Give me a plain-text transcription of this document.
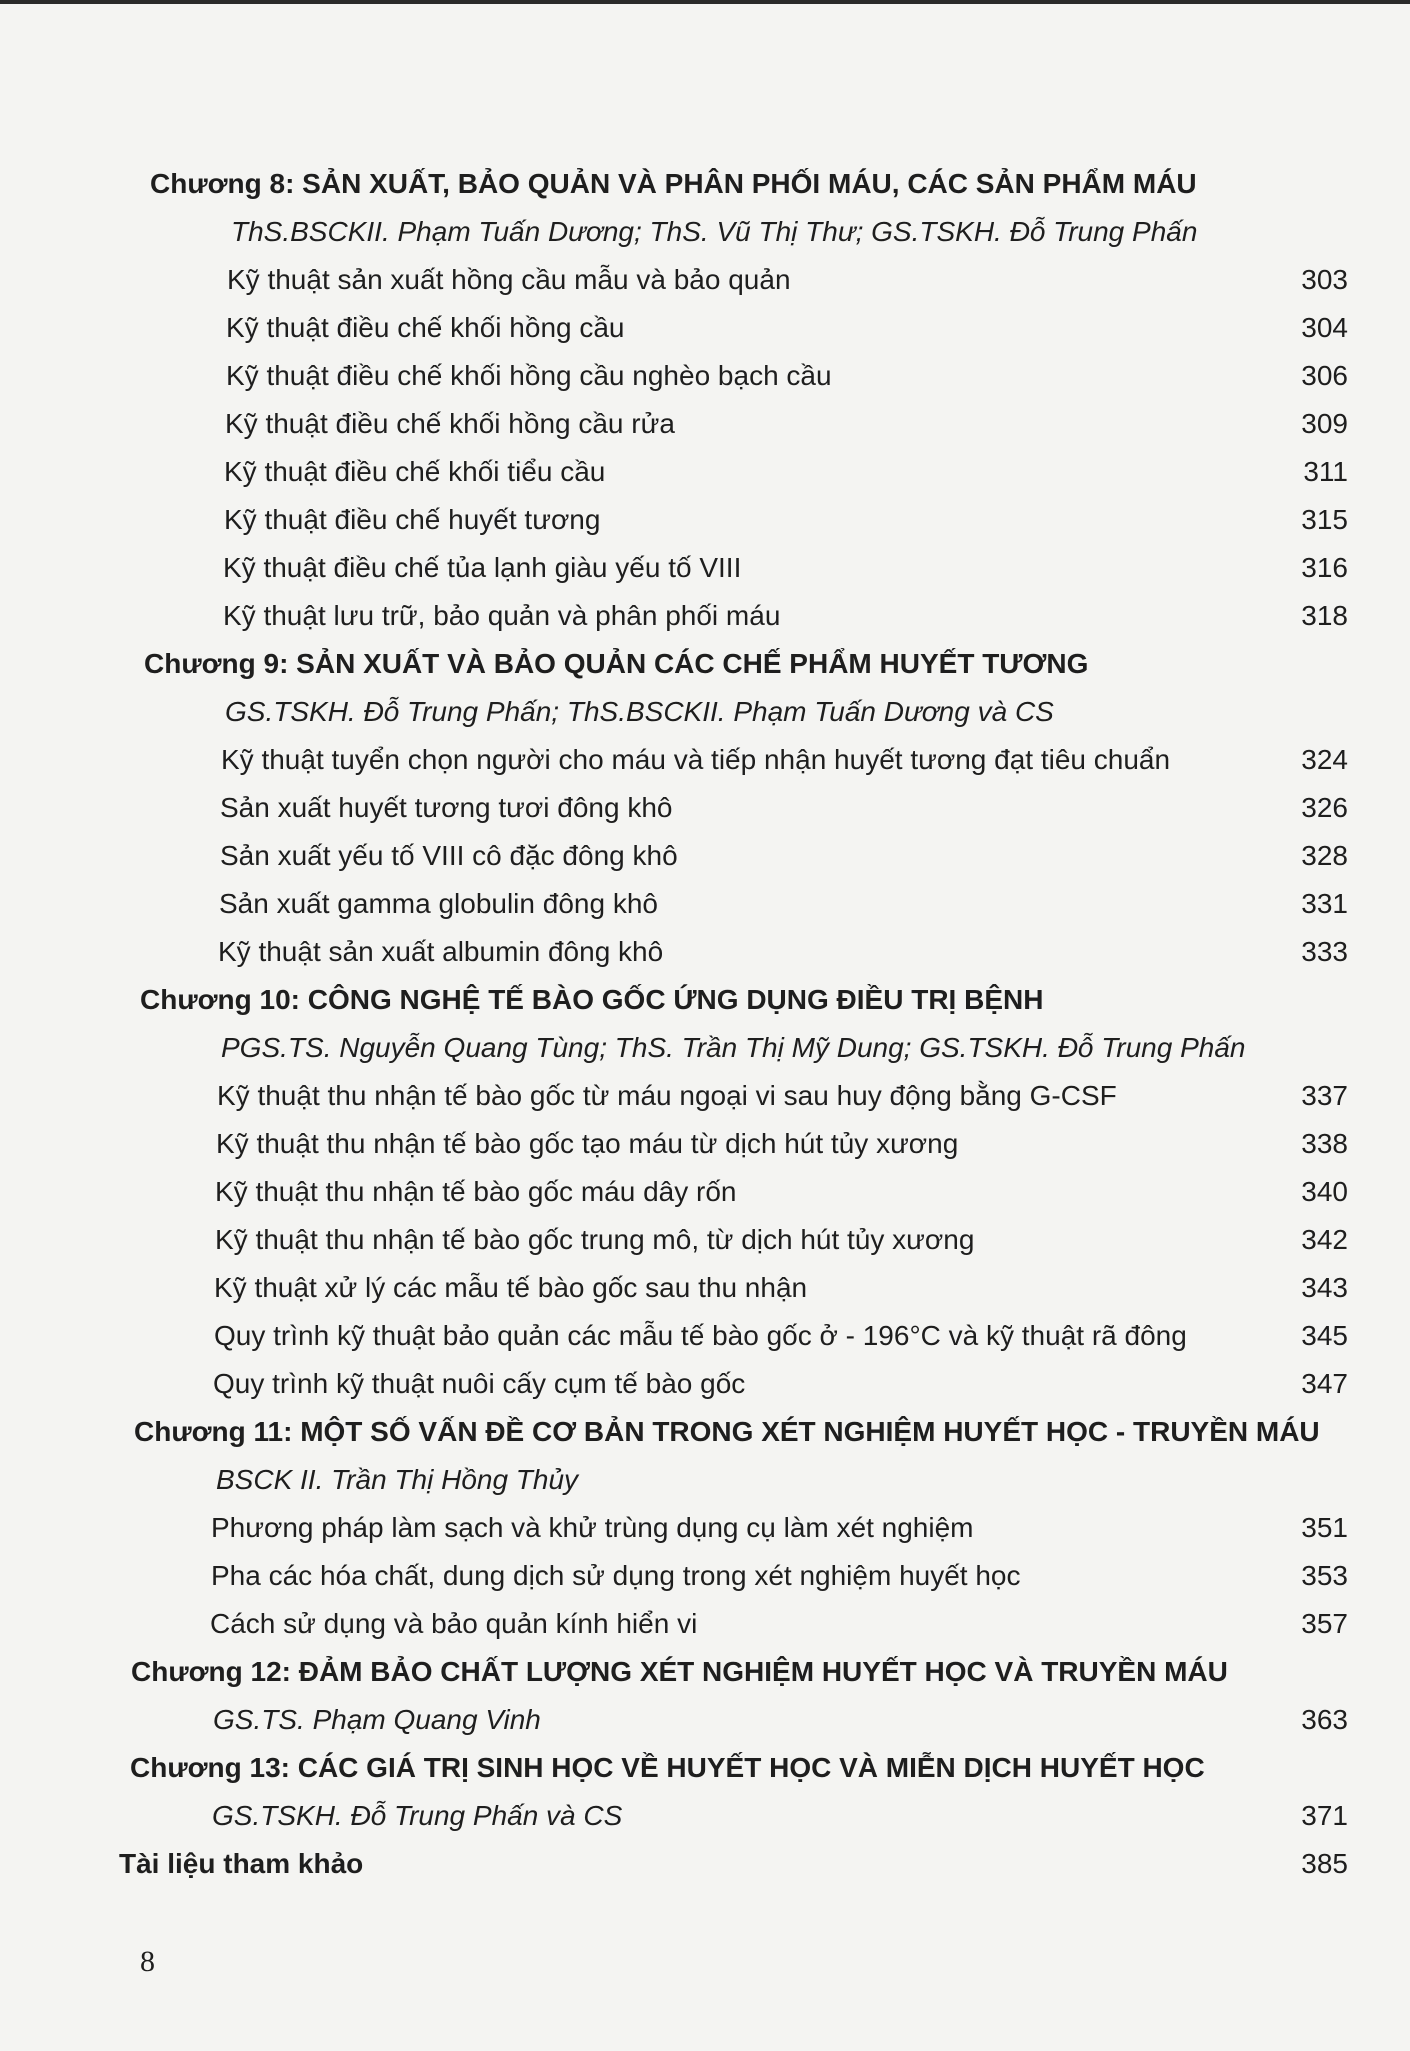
Chương 8: SẢN XUẤT, BẢO QUẢN VÀ PHÂN PHỐI MÁU, CÁC SẢN PHẨM MÁU
ThS.BSCKII. Phạm Tuấn Dương; ThS. Vũ Thị Thư; GS.TSKH. Đỗ Trung Phấn
Kỹ thuật sản xuất hồng cầu mẫu và bảo quản	303
Kỹ thuật điều chế khối hồng cầu	304
Kỹ thuật điều chế khối hồng cầu nghèo bạch cầu	306
Kỹ thuật điều chế khối hồng cầu rửa	309
Kỹ thuật điều chế khối tiểu cầu	311
Kỹ thuật điều chế huyết tương	315
Kỹ thuật điều chế tủa lạnh giàu yếu tố VIII	316
Kỹ thuật lưu trữ, bảo quản và phân phối máu	318
Chương 9: SẢN XUẤT VÀ BẢO QUẢN CÁC CHẾ PHẨM HUYẾT TƯƠNG
GS.TSKH. Đỗ Trung Phấn; ThS.BSCKII. Phạm Tuấn Dương và CS
Kỹ thuật tuyển chọn người cho máu và tiếp nhận huyết tương đạt tiêu chuẩn	324
Sản xuất huyết tương tươi đông khô	326
Sản xuất yếu tố VIII cô đặc đông khô	328
Sản xuất gamma globulin đông khô	331
Kỹ thuật sản xuất albumin đông khô	333
Chương 10: CÔNG NGHỆ TẾ BÀO GỐC ỨNG DỤNG ĐIỀU TRỊ BỆNH
PGS.TS. Nguyễn Quang Tùng; ThS. Trần Thị Mỹ Dung; GS.TSKH. Đỗ Trung Phấn
Kỹ thuật thu nhận tế bào gốc từ máu ngoại vi sau huy động bằng G-CSF	337
Kỹ thuật thu nhận tế bào gốc tạo máu từ dịch hút tủy xương	338
Kỹ thuật thu nhận tế bào gốc máu dây rốn	340
Kỹ thuật thu nhận tế bào gốc trung mô, từ dịch hút tủy xương	342
Kỹ thuật xử lý các mẫu tế bào gốc sau thu nhận	343
Quy trình kỹ thuật bảo quản các mẫu tế bào gốc ở - 196°C và kỹ thuật rã đông	345
Quy trình kỹ thuật nuôi cấy cụm tế bào gốc	347
Chương 11: MỘT SỐ VẤN ĐỀ CƠ BẢN TRONG XÉT NGHIỆM HUYẾT HỌC - TRUYỀN MÁU
BSCK II. Trần Thị Hồng Thủy
Phương pháp làm sạch và khử trùng dụng cụ làm xét nghiệm	351
Pha các hóa chất, dung dịch sử dụng trong xét nghiệm huyết học	353
Cách sử dụng và bảo quản kính hiển vi	357
Chương 12: ĐẢM BẢO CHẤT LƯỢNG XÉT NGHIỆM HUYẾT HỌC VÀ TRUYỀN MÁU
GS.TS. Phạm Quang Vinh	363
Chương 13: CÁC GIÁ TRỊ SINH HỌC VỀ HUYẾT HỌC VÀ MIỄN DỊCH HUYẾT HỌC
GS.TSKH. Đỗ Trung Phấn và CS	371
Tài liệu tham khảo	385
8
